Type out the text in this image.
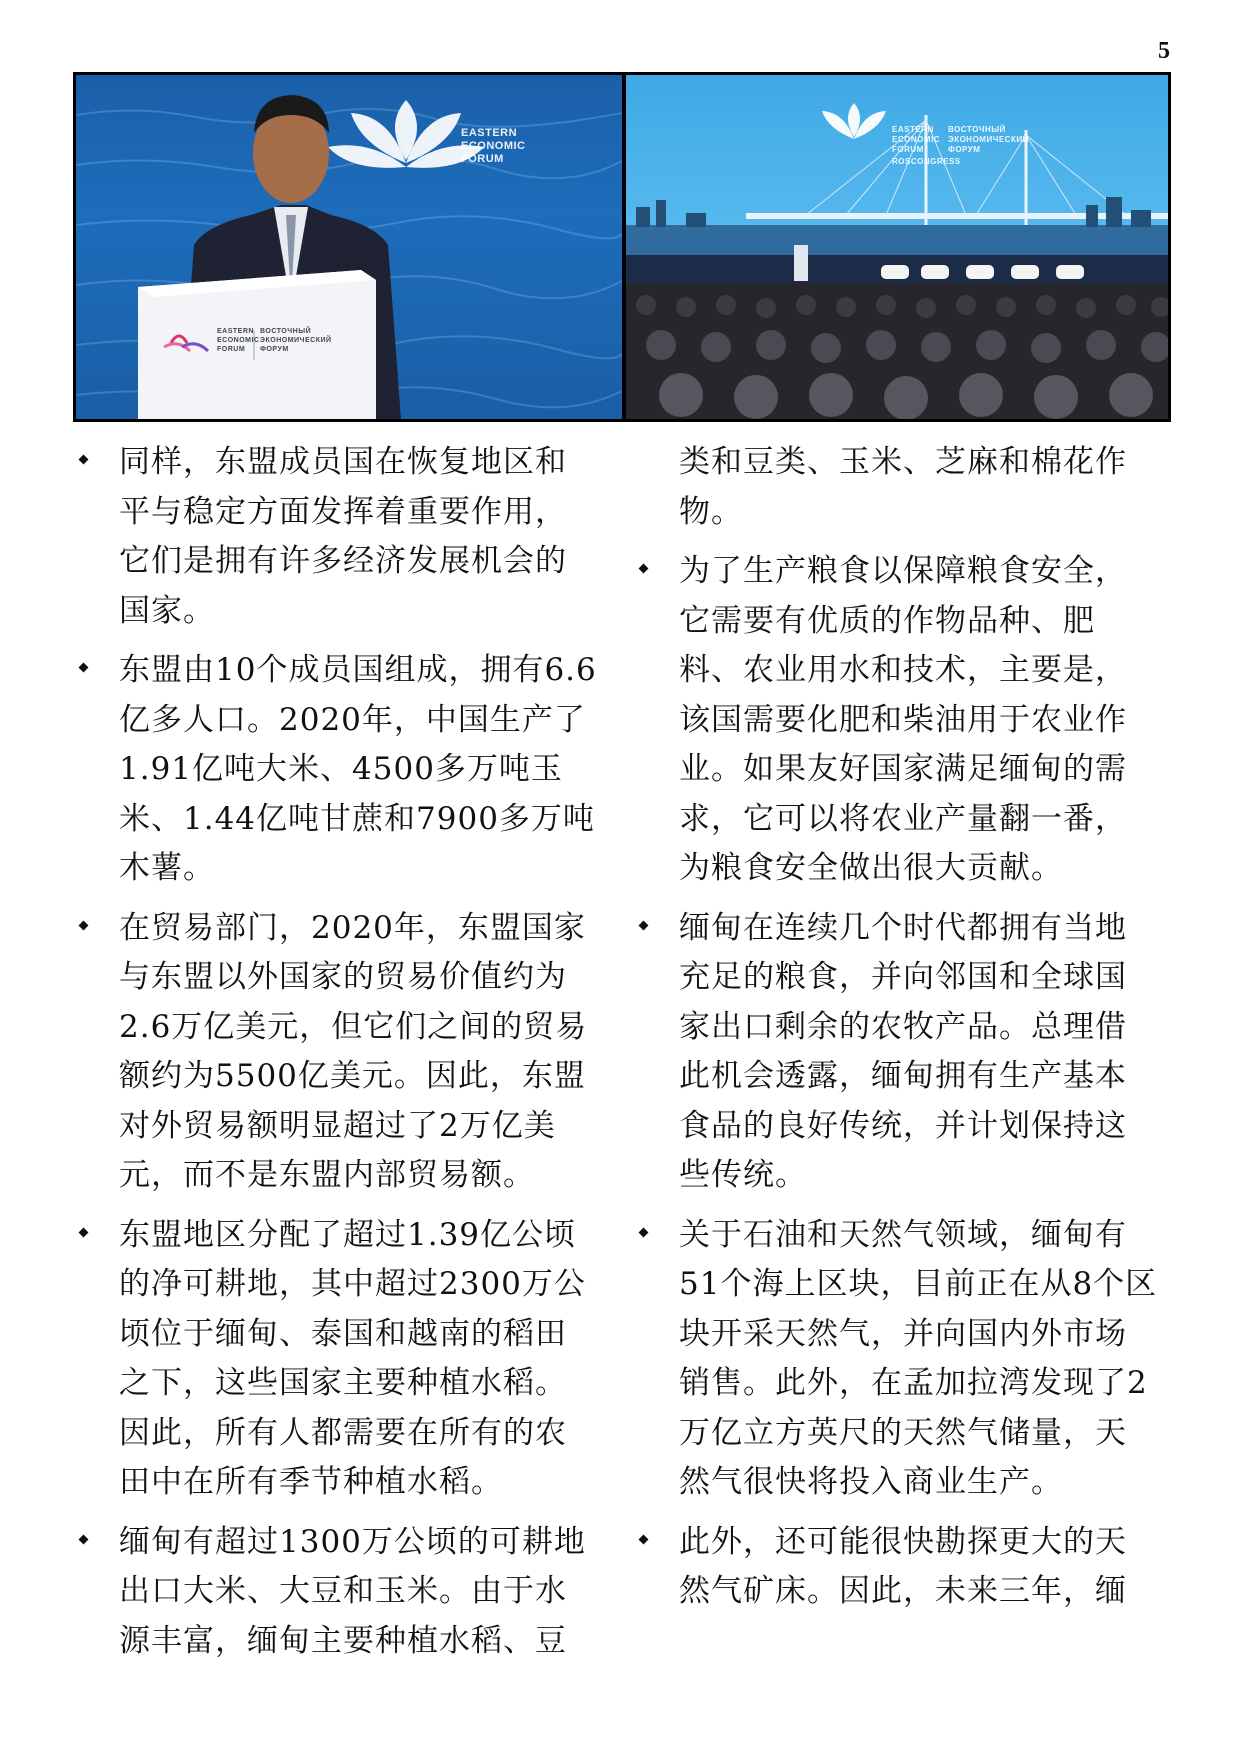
5
EASTERN ECONOMIC FORUM
EASTERN ECONOMIC FORUM
ВОСТОЧНЫЙ ЭКОНОМИЧЕСКИЙ ФОРУМ
EASTERN ECONOMIC FORUM
ВОСТОЧНЫЙ ЭКОНОМИЧЕСКИЙ ФОРУМ
ROSCONGRESS
同样，东盟成员国在恢复地区和平与稳定方面发挥着重要作用，它们是拥有许多经济发展机会的国家。
东盟由10个成员国组成，拥有6.6亿多人口。2020年，中国生产了1.91亿吨大米、4500多万吨玉米、1.44亿吨甘蔗和7900多万吨木薯。
在贸易部门，2020年，东盟国家与东盟以外国家的贸易价值约为2.6万亿美元，但它们之间的贸易额约为5500亿美元。因此，东盟对外贸易额明显超过了2万亿美元，而不是东盟内部贸易额。
东盟地区分配了超过1.39亿公顷的净可耕地，其中超过2300万公顷位于缅甸、泰国和越南的稻田之下，这些国家主要种植水稻。因此，所有人都需要在所有的农田中在所有季节种植水稻。
缅甸有超过1300万公顷的可耕地出口大米、大豆和玉米。由于水源丰富，缅甸主要种植水稻、豆
类和豆类、玉米、芝麻和棉花作物。
为了生产粮食以保障粮食安全，它需要有优质的作物品种、肥料、农业用水和技术，主要是，该国需要化肥和柴油用于农业作业。如果友好国家满足缅甸的需求，它可以将农业产量翻一番，为粮食安全做出很大贡献。
缅甸在连续几个时代都拥有当地充足的粮食，并向邻国和全球国家出口剩余的农牧产品。总理借此机会透露，缅甸拥有生产基本食品的良好传统，并计划保持这些传统。
关于石油和天然气领域，缅甸有51个海上区块，目前正在从8个区块开采天然气，并向国内外市场销售。此外，在孟加拉湾发现了2万亿立方英尺的天然气储量，天然气很快将投入商业生产。
此外，还可能很快勘探更大的天然气矿床。因此，未来三年，缅
